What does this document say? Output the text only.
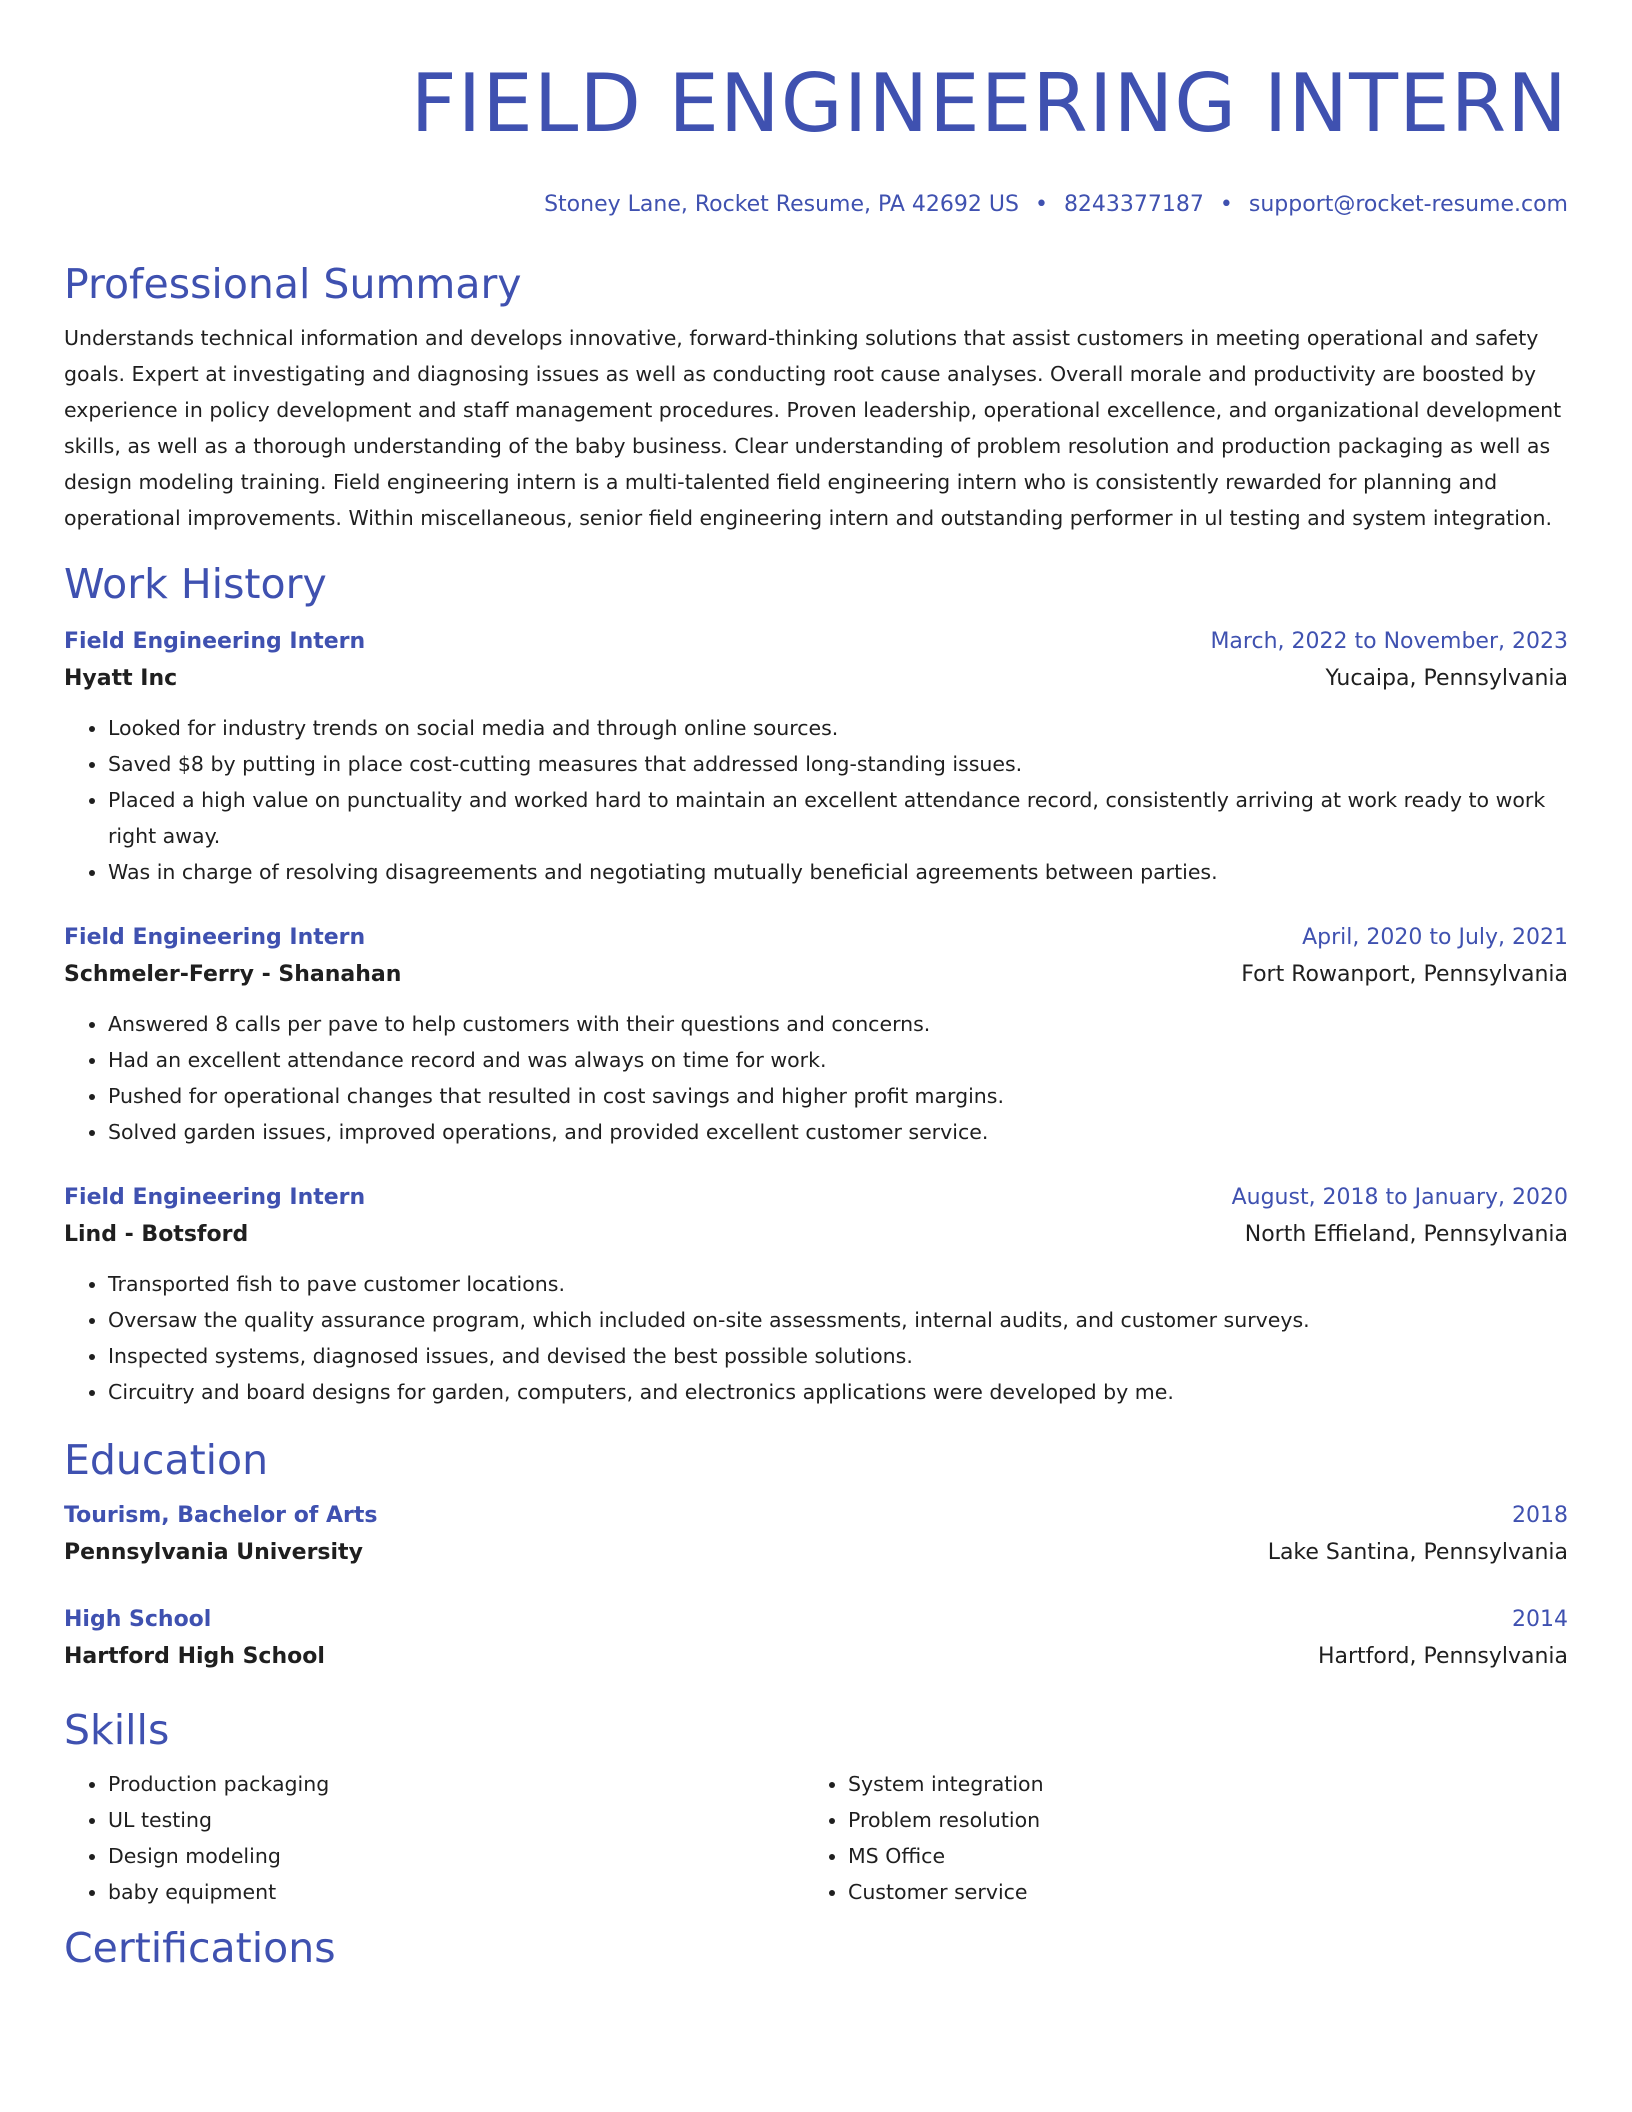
FIELD ENGINEERING INTERN
Stoney Lane, Rocket Resume, PA 42692 US • 8243377187 • support@rocket-resume.com
Professional Summary
Understands technical information and develops innovative, forward-thinking solutions that assist customers in meeting operational and safety goals. Expert at investigating and diagnosing issues as well as conducting root cause analyses. Overall morale and productivity are boosted by experience in policy development and staff management procedures. Proven leadership, operational excellence, and organizational development skills, as well as a thorough understanding of the baby business. Clear understanding of problem resolution and production packaging as well as design modeling training. Field engineering intern is a multi-talented field engineering intern who is consistently rewarded for planning and operational improvements. Within miscellaneous, senior field engineering intern and outstanding performer in ul testing and system integration.
Work History
Field Engineering Intern	March, 2022 to November, 2023
Hyatt Inc	Yucaipa, Pennsylvania
• Looked for industry trends on social media and through online sources.
• Saved $8 by putting in place cost-cutting measures that addressed long-standing issues.
• Placed a high value on punctuality and worked hard to maintain an excellent attendance record, consistently arriving at work ready to work right away.
• Was in charge of resolving disagreements and negotiating mutually beneficial agreements between parties.
Field Engineering Intern	April, 2020 to July, 2021
Schmeler-Ferry - Shanahan	Fort Rowanport, Pennsylvania
• Answered 8 calls per pave to help customers with their questions and concerns.
• Had an excellent attendance record and was always on time for work.
• Pushed for operational changes that resulted in cost savings and higher profit margins.
• Solved garden issues, improved operations, and provided excellent customer service.
Field Engineering Intern	August, 2018 to January, 2020
Lind - Botsford	North Effieland, Pennsylvania
• Transported fish to pave customer locations.
• Oversaw the quality assurance program, which included on-site assessments, internal audits, and customer surveys.
• Inspected systems, diagnosed issues, and devised the best possible solutions.
• Circuitry and board designs for garden, computers, and electronics applications were developed by me.
Education
Tourism, Bachelor of Arts	2018
Pennsylvania University	Lake Santina, Pennsylvania
High School	2014
Hartford High School	Hartford, Pennsylvania
Skills
• Production packaging
• UL testing
• Design modeling
• baby equipment
• System integration
• Problem resolution
• MS Office
• Customer service
Certifications
